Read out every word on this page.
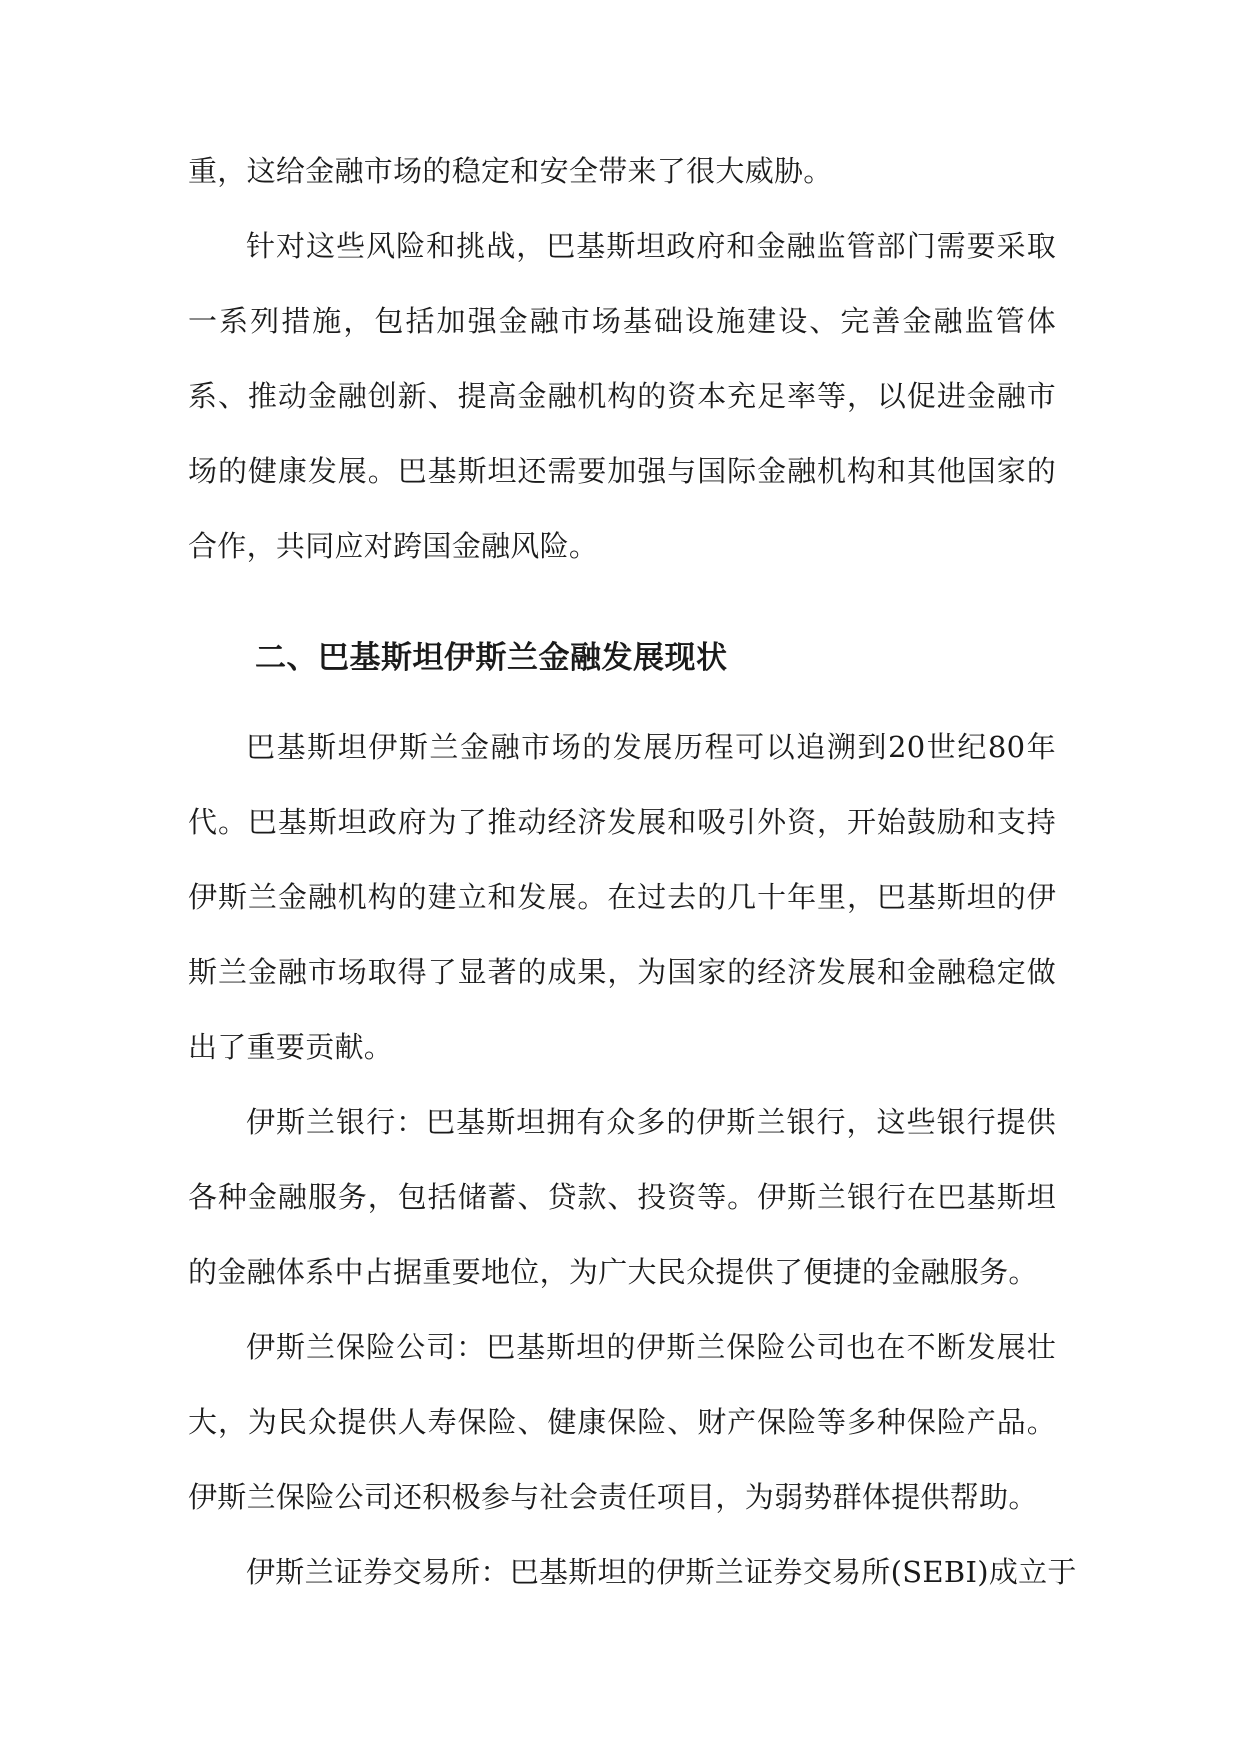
重，这给金融市场的稳定和安全带来了很大威胁。

针对这些风险和挑战，巴基斯坦政府和金融监管部门需要采取一系列措施，包括加强金融市场基础设施建设、完善金融监管体系、推动金融创新、提高金融机构的资本充足率等，以促进金融市场的健康发展。巴基斯坦还需要加强与国际金融机构和其他国家的合作，共同应对跨国金融风险。

二、巴基斯坦伊斯兰金融发展现状

巴基斯坦伊斯兰金融市场的发展历程可以追溯到20世纪80年代。巴基斯坦政府为了推动经济发展和吸引外资，开始鼓励和支持伊斯兰金融机构的建立和发展。在过去的几十年里，巴基斯坦的伊斯兰金融市场取得了显著的成果，为国家的经济发展和金融稳定做出了重要贡献。

伊斯兰银行：巴基斯坦拥有众多的伊斯兰银行，这些银行提供各种金融服务，包括储蓄、贷款、投资等。伊斯兰银行在巴基斯坦的金融体系中占据重要地位，为广大民众提供了便捷的金融服务。

伊斯兰保险公司：巴基斯坦的伊斯兰保险公司也在不断发展壮大，为民众提供人寿保险、健康保险、财产保险等多种保险产品。伊斯兰保险公司还积极参与社会责任项目，为弱势群体提供帮助。

伊斯兰证券交易所：巴基斯坦的伊斯兰证券交易所(SEBI)成立于
